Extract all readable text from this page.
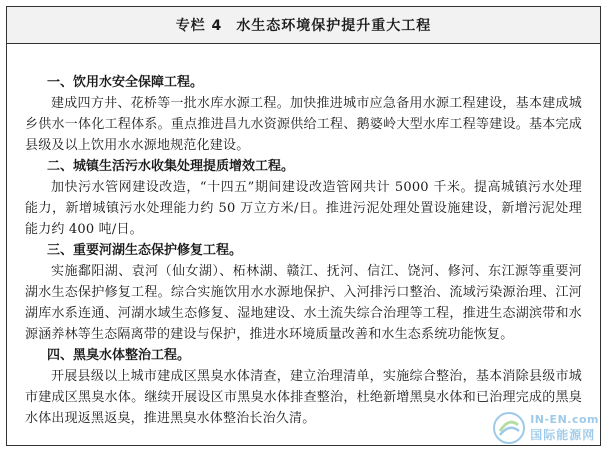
专栏 4 水生态环境保护提升重大工程

一、饮用水安全保障工程。

建成四方井、花桥等一批水库水源工程。加快推进城市应急备用水源工程建设，基本建成城乡供水一体化工程体系。重点推进昌九水资源供给工程、鹅婆岭大型水库工程等建设。基本完成县级及以上饮用水水源地规范化建设。

二、城镇生活污水收集处理提质增效工程。

加快污水管网建设改造，“十四五”期间建设改造管网共计 5000 千米。提高城镇污水处理能力，新增城镇污水处理能力约 50 万立方米/日。推进污泥处理处置设施建设，新增污泥处理能力约 400 吨/日。

三、重要河湖生态保护修复工程。

实施鄱阳湖、袁河（仙女湖）、柘林湖、赣江、抚河、信江、饶河、修河、东江源等重要河湖水生态保护修复工程。综合实施饮用水水源地保护、入河排污口整治、流域污染源治理、江河湖库水系连通、河湖水域生态修复、湿地建设、水土流失综合治理等工程，推进生态湖滨带和水源涵养林等生态隔离带的建设与保护，推进水环境质量改善和水生态系统功能恢复。

四、黑臭水体整治工程。

开展县级以上城市建成区黑臭水体清查，建立治理清单，实施综合整治，基本消除县级市城市建成区黑臭水体。继续开展设区市黑臭水体排查整治，杜绝新增黑臭水体和已治理完成的黑臭水体出现返黑返臭，推进黑臭水体整治长治久清。	IN-EN.com
国际能源网
